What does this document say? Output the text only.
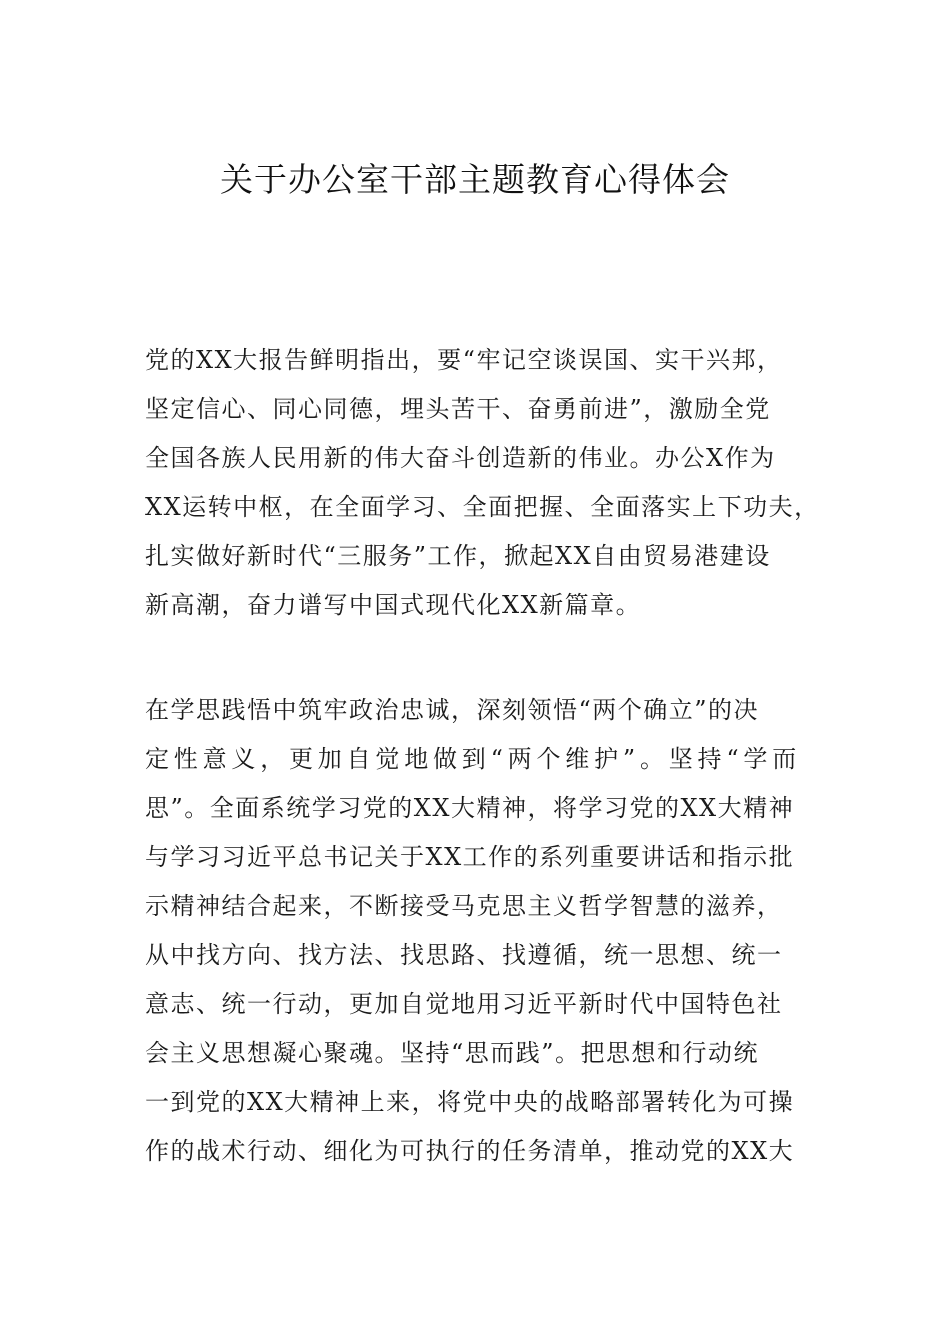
关于办公室干部主题教育心得体会
党的XX大报告鲜明指出，要“牢记空谈误国、实干兴邦，
坚定信心、同心同德，埋头苦干、奋勇前进”，激励全党
全国各族人民用新的伟大奋斗创造新的伟业。办公X作为
XX运转中枢，在全面学习、全面把握、全面落实上下功夫，
扎实做好新时代“三服务”工作，掀起XX自由贸易港建设
新高潮，奋力谱写中国式现代化XX新篇章。
在学思践悟中筑牢政治忠诚，深刻领悟“两个确立”的决
定性意义，更加自觉地做到“两个维护”。坚持“学而
思”。全面系统学习党的XX大精神，将学习党的XX大精神
与学习习近平总书记关于XX工作的系列重要讲话和指示批
示精神结合起来，不断接受马克思主义哲学智慧的滋养，
从中找方向、找方法、找思路、找遵循，统一思想、统一
意志、统一行动，更加自觉地用习近平新时代中国特色社
会主义思想凝心聚魂。坚持“思而践”。把思想和行动统
一到党的XX大精神上来，将党中央的战略部署转化为可操
作的战术行动、细化为可执行的任务清单，推动党的XX大
